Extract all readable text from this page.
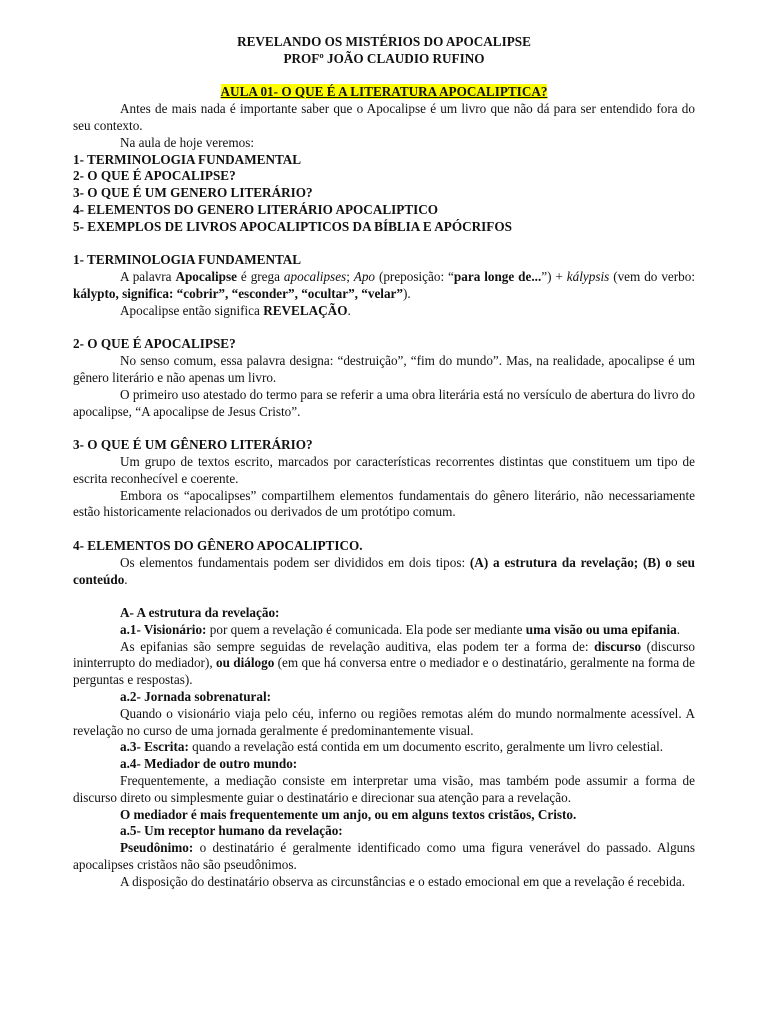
REVELANDO OS MISTÉRIOS DO APOCALIPSE
PROFº JOÃO CLAUDIO RUFINO
AULA 01- O QUE É A LITERATURA APOCALIPTICA?

Antes de mais nada é importante saber que o Apocalipse é um livro que não dá para ser entendido fora do seu contexto.

Na aula de hoje veremos:

1- TERMINOLOGIA FUNDAMENTAL
2- O QUE É APOCALIPSE?
3- O QUE É UM GENERO LITERÁRIO?
4- ELEMENTOS DO GENERO LITERÁRIO APOCALIPTICO
5- EXEMPLOS DE LIVROS APOCALIPTICOS DA BÍBLIA E APÓCRIFOS
1- TERMINOLOGIA FUNDAMENTAL

A palavra Apocalipse é grega apocalipses; Apo (preposição: “para longe de...”) + kálypsis (vem do verbo: kálypto, significa: “cobrir”, “esconder”, “ocultar”, “velar”).

Apocalipse então significa REVELAÇÃO.

2- O QUE É APOCALIPSE?

No senso comum, essa palavra designa: “destruição”, “fim do mundo”. Mas, na realidade, apocalipse é um gênero literário e não apenas um livro.

O primeiro uso atestado do termo para se referir a uma obra literária está no versículo de abertura do livro do apocalipse, “A apocalipse de Jesus Cristo”.

3- O QUE É UM GÊNERO LITERÁRIO?

Um grupo de textos escrito, marcados por características recorrentes distintas que constituem um tipo de escrita reconhecível e coerente.

Embora os “apocalipses” compartilhem elementos fundamentais do gênero literário, não necessariamente estão historicamente relacionados ou derivados de um protótipo comum.

4- ELEMENTOS DO GÊNERO APOCALIPTICO.

Os elementos fundamentais podem ser divididos em dois tipos: (A) a estrutura da revelação; (B) o seu conteúdo.

A- A estrutura da revelação:

a.1- Visionário: por quem a revelação é comunicada. Ela pode ser mediante uma visão ou uma epifania.

As epifanias são sempre seguidas de revelação auditiva, elas podem ter a forma de: discurso (discurso ininterrupto do mediador), ou diálogo (em que há conversa entre o mediador e o destinatário, geralmente na forma de perguntas e respostas).

a.2- Jornada sobrenatural:

Quando o visionário viaja pelo céu, inferno ou regiões remotas além do mundo normalmente acessível. A revelação no curso de uma jornada geralmente é predominantemente visual.

a.3- Escrita: quando a revelação está contida em um documento escrito, geralmente um livro celestial.

a.4- Mediador de outro mundo:

Frequentemente, a mediação consiste em interpretar uma visão, mas também pode assumir a forma de discurso direto ou simplesmente guiar o destinatário e direcionar sua atenção para a revelação.

O mediador é mais frequentemente um anjo, ou em alguns textos cristãos, Cristo.

a.5- Um receptor humano da revelação:

Pseudônimo: o destinatário é geralmente identificado como uma figura venerável do passado. Alguns apocalipses cristãos não são pseudônimos.

A disposição do destinatário observa as circunstâncias e o estado emocional em que a revelação é recebida.
